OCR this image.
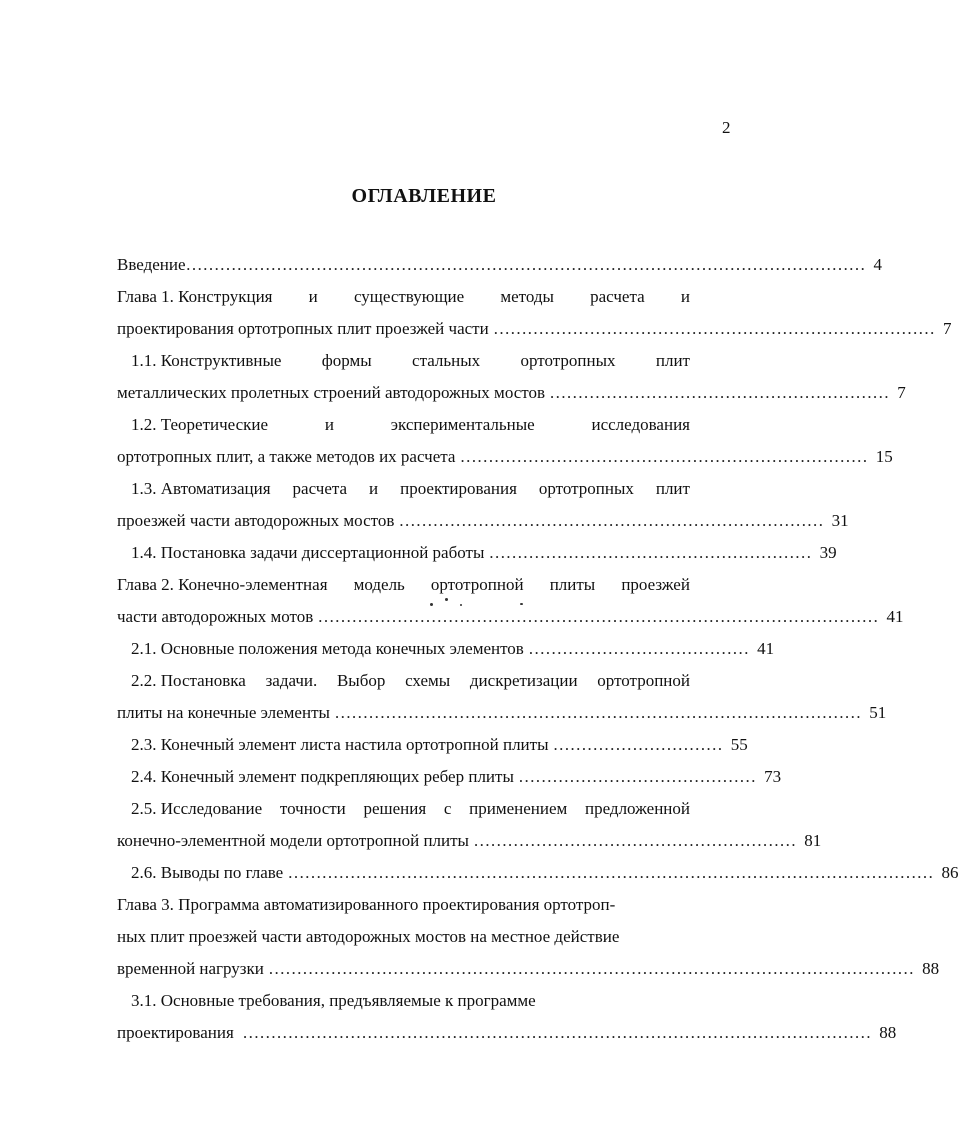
2
ОГЛАВЛЕНИЕ
Введение ………………………………………………………………………………………………………… 4
Глава 1. Конструкция и существующие методы расчета и
проектирования ортотропных плит проезжей части …………………………………………………………………… 7
1.1. Конструктивные формы стальных ортотропных плит
металлических пролетных строений автодорожных мостов …………………………………………………… 7
1.2. Теоретические	и	экспериментальные	исследования
ортотропных плит, а также методов их расчета ……………………………………………………………… 15
1.3. Автоматизация расчета и проектирования ортотропных плит
проезжей части автодорожных мостов ………………………………………………………………… 31
1.4. Постановка задачи диссертационной работы ………………………………………………… 39
Глава 2. Конечно-элементная модель ортотропной плиты проезжей
части автодорожных мотов ……………………………………………………………………………………… 41
2.1. Основные положения метода конечных элементов ………………………………… 41
2.2. Постановка задачи. Выбор схемы дискретизации ортотропной
плиты на конечные элементы ………………………………………………………………………………… 51
2.3. Конечный элемент листа настила ортотропной плиты ………………………… 55
2.4. Конечный элемент подкрепляющих ребер плиты …………………………………… 73
2.5. Исследование точности решения с применением предложенной
конечно-элементной модели ортотропной плиты ………………………………………………… 81
2.6. Выводы по главе …………………………………………………………………………………………………… 86
Глава 3. Программа автоматизированного проектирования ортотроп-
ных плит проезжей части автодорожных мостов на местное действие
временной нагрузки …………………………………………………………………………………………………… 88
3.1. Основные требования, предъявляемые к программе
проектирования ………………………………………………………………………………………………… 88
